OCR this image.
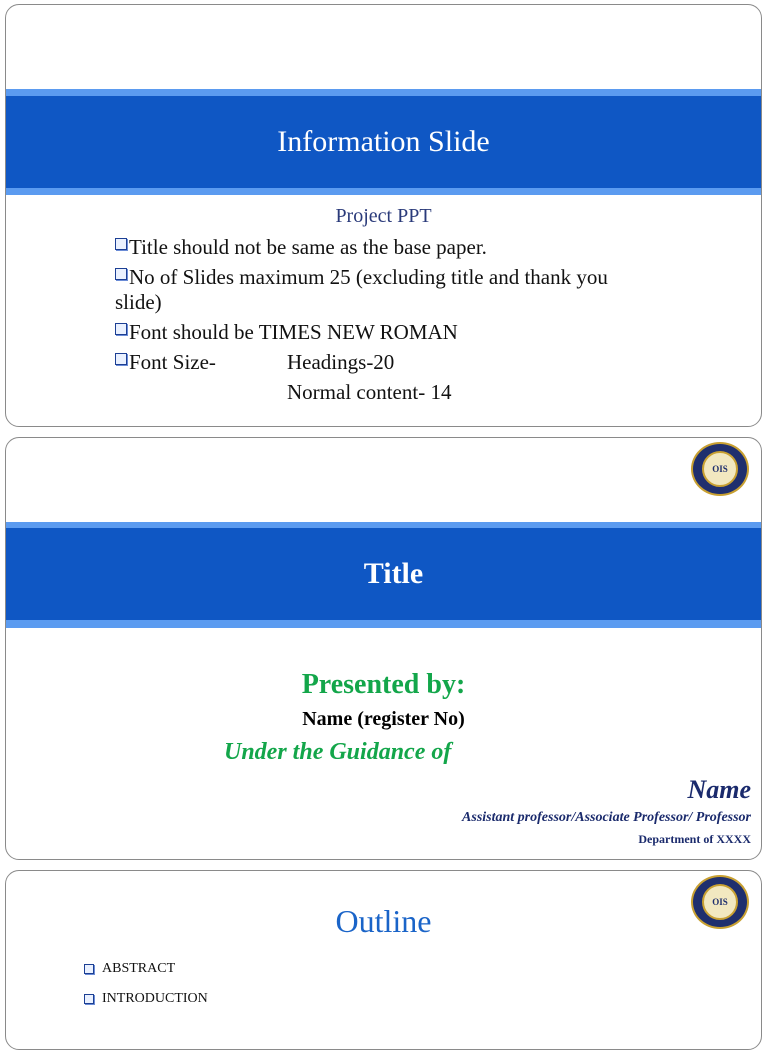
Information Slide
Project PPT
Title should not be same as the base paper.
No of Slides maximum 25 (excluding title and thank you slide)
Font should be TIMES NEW ROMAN
Font Size-	Headings-20
Normal content- 14
OIS
Title
Presented by:
Name (register No)
Under the Guidance of
Name
Assistant professor/Associate Professor/ Professor
Department of XXXX
OIS
Outline
ABSTRACT
INTRODUCTION
